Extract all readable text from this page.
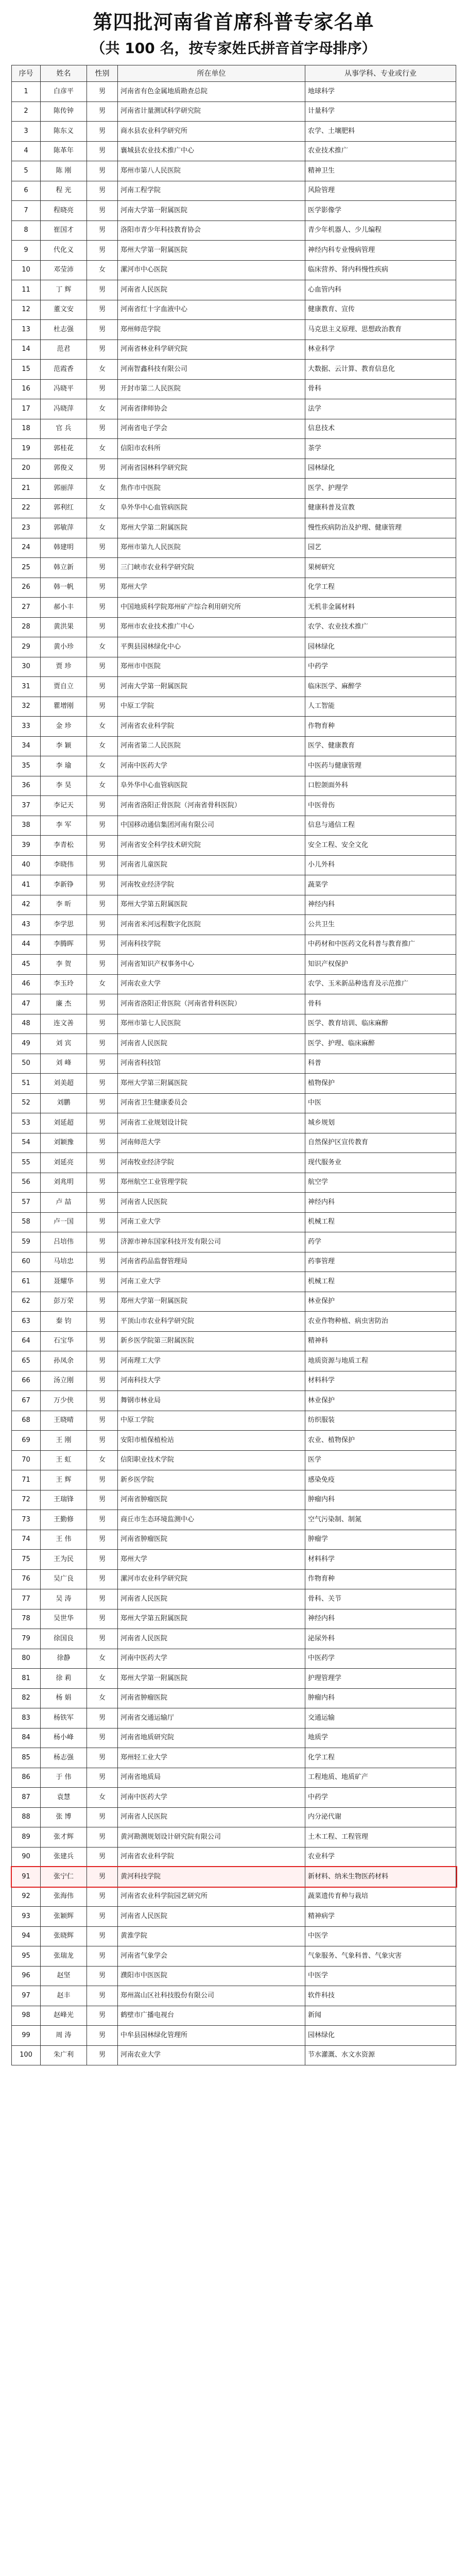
第四批河南省首席科普专家名单
（共 100 名，按专家姓氏拼音首字母排序）
序号	姓名	性别	所在单位	从事学科、专业或行业
1	白彦平	男	河南省有色金属地质勘查总院	地球科学
2	陈传钟	男	河南省计量测试科学研究院	计量科学
3	陈东义	男	商水县农业科学研究所	农学、土壤肥料
4	陈革年	男	襄城县农业技术推广中心	农业技术推广
5	陈 刚	男	郑州市第八人民医院	精神卫生
6	程 光	男	河南工程学院	风险管理
7	程晓亮	男	河南大学第一附属医院	医学影像学
8	崔国才	男	洛阳市青少年科技教育协会	青少年机器人、少儿编程
9	代化义	男	郑州大学第一附属医院	神经内科专业慢病管理
10	邓莹沛	女	漯河市中心医院	临床营养、肾内科慢性疾病
11	丁 辉	男	河南省人民医院	心血管内科
12	董文安	男	河南省红十字血液中心	健康教育、宣传
13	杜志强	男	郑州师范学院	马克思主义原理、思想政治教育
14	范君	男	河南省林业科学研究院	林业科学
15	范霞香	女	河南智鑫科技有限公司	大数据、云计算、教育信息化
16	冯晓平	男	开封市第二人民医院	骨科
17	冯晓萍	女	河南省律师协会	法学
18	官 兵	男	河南省电子学会	信息技术
19	郭桂花	女	信阳市农科所	茶学
20	郭俊义	男	河南省园林科学研究院	园林绿化
21	郭丽萍	女	焦作市中医院	医学、护理学
22	郭利红	女	阜外华中心血管病医院	健康科普及宣教
23	郭敏萍	女	郑州大学第二附属医院	慢性疾病防治及护理、健康管理
24	韩建明	男	郑州市第九人民医院	园艺
25	韩立新	男	三门峡市农业科学研究院	果树研究
26	韩一帆	男	郑州大学	化学工程
27	郝小丰	男	中国地质科学院郑州矿产综合利用研究所	无机非金属材料
28	黄洪果	男	郑州市农业技术推广中心	农学、农业技术推广
29	黄小珍	女	平舆县园林绿化中心	园林绿化
30	贾 珍	男	郑州市中医院	中药学
31	贾自立	男	河南大学第一附属医院	临床医学、麻醉学
32	瞿增刚	男	中原工学院	人工智能
33	金 珍	女	河南省农业科学院	作物育种
34	李 颖	女	河南省第二人民医院	医学、健康教育
35	李 瑜	女	河南中医药大学	中医药与健康管理
36	李 昊	女	阜外华中心血管病医院	口腔颌面外科
37	李记天	男	河南省洛阳正骨医院（河南省骨科医院）	中医骨伤
38	李 军	男	中国移动通信集团河南有限公司	信息与通信工程
39	李青松	男	河南省安全科学技术研究院	安全工程、安全文化
40	李晓伟	男	河南省儿童医院	小儿外科
41	李新铮	男	河南牧业经济学院	蔬菜学
42	李 昕	男	郑州大学第五附属医院	神经内科
43	李学思	男	河南省米河远程数字化医院	公共卫生
44	李腾晖	男	河南科技学院	中药材和中医药文化科普与教育推广
45	李 贺	男	河南省知识产权事务中心	知识产权保护
46	李玉玲	女	河南农业大学	农学、玉米新品种选育及示范推广
47	廉 杰	男	河南省洛阳正骨医院（河南省骨科医院）	骨科
48	连文善	男	郑州市第七人民医院	医学、教育培训、临床麻醉
49	刘 宾	男	河南省人民医院	医学、护理、临床麻醉
50	刘 峰	男	河南省科技馆	科普
51	刘美超	男	郑州大学第三附属医院	植物保护
52	刘鹏	男	河南省卫生健康委员会	中医
53	刘延超	男	河南省工业规划设计院	城乡规划
54	刘颖豫	男	河南师范大学	自然保护区宣传教育
55	刘延亮	男	河南牧业经济学院	现代服务业
56	刘兆明	男	郑州航空工业管理学院	航空学
57	卢 喆	男	河南省人民医院	神经内科
58	卢一国	男	河南工业大学	机械工程
59	吕培伟	男	济源市神东国家科技开发有限公司	药学
60	马培忠	男	河南省药品监督管理局	药事管理
61	聂耀华	男	河南工业大学	机械工程
62	彭万荣	男	郑州大学第一附属医院	林业保护
63	秦 钧	男	平顶山市农业科学研究院	农业作物种植、病虫害防治
64	石宝华	男	新乡医学院第三附属医院	精神科
65	孙凤余	男	河南理工大学	地质资源与地质工程
66	汤立刚	男	河南科技大学	材料科学
67	万少侠	男	舞钢市林业局	林业保护
68	王晓晴	男	中原工学院	纺织服装
69	王 刚	男	安阳市植保植检站	农业、植物保护
70	王 虹	女	信阳职业技术学院	医学
71	王 辉	男	新乡医学院	感染免疫
72	王瑞锋	男	河南省肿瘤医院	肿瘤内科
73	王勤修	男	商丘市生态环境监测中心	空气污染制、制氮
74	王 伟	男	河南省肿瘤医院	肿瘤学
75	王为民	男	郑州大学	材料科学
76	吴广良	男	漯河市农业科学研究院	作物育种
77	吴 涛	男	河南省人民医院	骨科、关节
78	吴世华	男	郑州大学第五附属医院	神经内科
79	徐国良	男	河南省人民医院	泌尿外科
80	徐静	女	河南中医药大学	中医药学
81	徐 莉	女	郑州大学第一附属医院	护理管理学
82	杨 娟	女	河南省肿瘤医院	肿瘤内科
83	杨铁军	男	河南省交通运输厅	交通运输
84	杨小峰	男	河南省地质研究院	地质学
85	杨志强	男	郑州轻工业大学	化学工程
86	于 伟	男	河南省地质局	工程地质、地质矿产
87	袁慧	女	河南中医药大学	中药学
88	张 博	男	河南省人民医院	内分泌代谢
89	张才辉	男	黄河勘测规划设计研究院有限公司	土木工程、工程管理
90	张建兵	男	河南省农业科学院	农业科学
91	张宁仁	男	黄河科技学院	新材料、纳米生物医药材料
92	张海伟	男	河南省农业科学院园艺研究所	蔬菜遗传育种与栽培
93	张颖辉	男	河南省人民医院	精神病学
94	张晓辉	男	黄淮学院	中医学
95	张瑞龙	男	河南省气象学会	气象服务、气象科普、气象灾害
96	赵坚	男	濮阳市中医医院	中医学
97	赵丰	男	郑州嵩山区社科技股份有限公司	软件科技
98	赵峰光	男	鹤壁市广播电视台	新闻
99	周 涛	男	中牟县园林绿化管理所	园林绿化
100	朱广利	男	河南农业大学	节水灌溉、水文水资源
